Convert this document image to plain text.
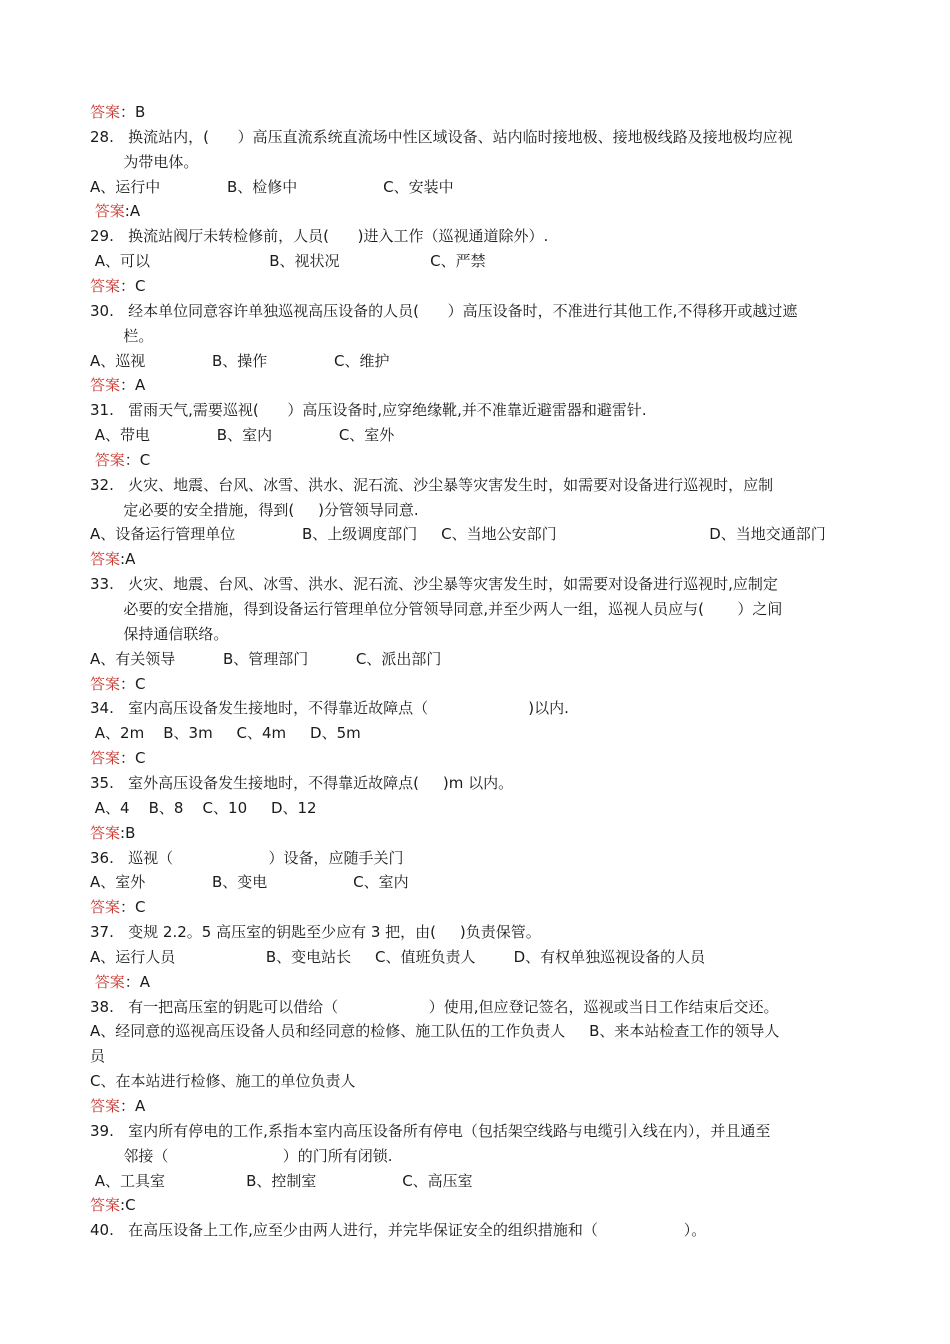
答案：B
28.   换流站内，(      ）高压直流系统直流场中性区域设备、站内临时接地极、接地极线路及接地极均应视
为带电体。
A、运行中              B、检修中                  C、安装中
答案:A
29.   换流站阀厅未转检修前，人员(      )进入工作（巡视通道除外）.
A、可以                         B、视状况                   C、严禁
答案：C
30.   经本单位同意容许单独巡视高压设备的人员(      ）高压设备时，不准进行其他工作,不得移开或越过遮
栏。
A、巡视              B、操作              C、维护
答案：A
31.   雷雨天气,需要巡视(      ）高压设备时,应穿绝缘靴,并不准靠近避雷器和避雷针.
A、带电              B、室内              C、室外
答案：C
32.   火灾、地震、台风、冰雪、洪水、泥石流、沙尘暴等灾害发生时，如需要对设备进行巡视时，应制
定必要的安全措施，得到(     )分管领导同意.
A、设备运行管理单位              B、上级调度部门     C、当地公安部门                                D、当地交通部门
答案:A
33.   火灾、地震、台风、冰雪、洪水、泥石流、沙尘暴等灾害发生时，如需要对设备进行巡视时,应制定
必要的安全措施，得到设备运行管理单位分管领导同意,并至少两人一组，巡视人员应与(       ）之间
保持通信联络。
A、有关领导          B、管理部门          C、派出部门
答案：C
34.   室内高压设备发生接地时，不得靠近故障点（                     )以内.
A、2m    B、3m     C、4m     D、5m
答案：C
35.   室外高压设备发生接地时，不得靠近故障点(     )m 以内。
A、4    B、8    C、10     D、12
答案:B
36.   巡视（                    ）设备，应随手关门
A、室外              B、变电                  C、室内
答案：C
37.   变规 2.2。5 高压室的钥匙至少应有 3 把，由(     )负责保管。
A、运行人员                   B、变电站长     C、值班负责人        D、有权单独巡视设备的人员
答案：A
38.   有一把高压室的钥匙可以借给（                   ）使用,但应登记签名，巡视或当日工作结束后交还。
A、经同意的巡视高压设备人员和经同意的检修、施工队伍的工作负责人     B、来本站检查工作的领导人
员
C、在本站进行检修、施工的单位负责人
答案：A
39.   室内所有停电的工作,系指本室内高压设备所有停电（包括架空线路与电缆引入线在内），并且通至
邻接（                        ）的门所有闭锁.
A、工具室                 B、控制室                  C、高压室
答案:C
40.   在高压设备上工作,应至少由两人进行，并完毕保证安全的组织措施和（                  ）。
